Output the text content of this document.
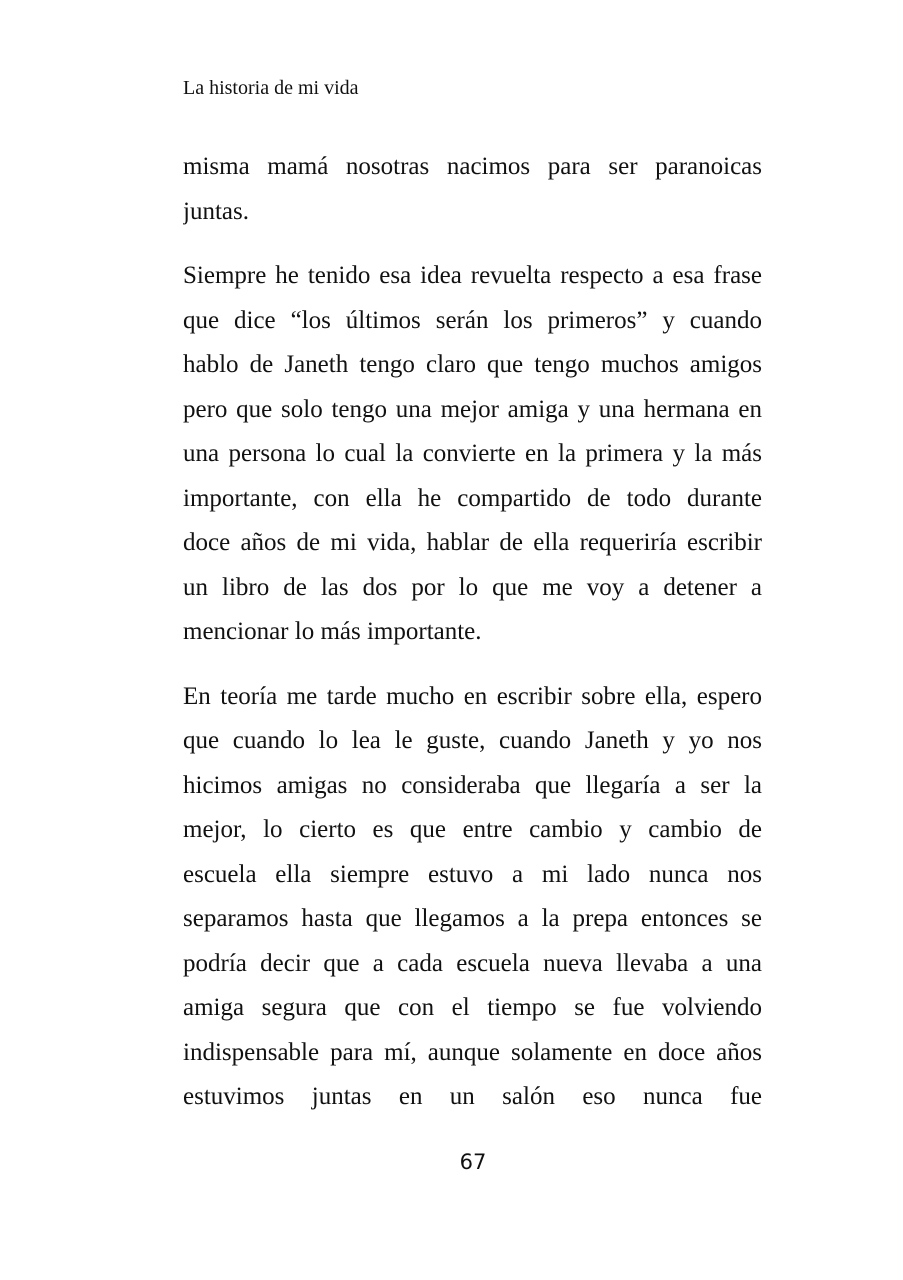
La historia de mi vida

misma mamá nosotras nacimos para ser paranoicas
juntas.

Siempre he tenido esa idea revuelta respecto a esa frase
que dice “los últimos serán los primeros” y cuando
hablo de Janeth tengo claro que tengo muchos amigos
pero que solo tengo una mejor amiga y una hermana en
una persona lo cual la convierte en la primera y la más
importante, con ella he compartido de todo durante
doce años de mi vida, hablar de ella requeriría escribir
un libro de las dos por lo que me voy a detener a
mencionar lo más importante.

En teoría me tarde mucho en escribir sobre ella, espero
que cuando lo lea le guste, cuando Janeth y yo nos
hicimos amigas no consideraba que llegaría a ser la
mejor, lo cierto es que entre cambio y cambio de
escuela ella siempre estuvo a mi lado nunca nos
separamos hasta que llegamos a la prepa entonces se
podría decir que a cada escuela nueva llevaba a una
amiga segura que con el tiempo se fue volviendo
indispensable para mí, aunque solamente en doce años
estuvimos juntas en un salón eso nunca fue

67
